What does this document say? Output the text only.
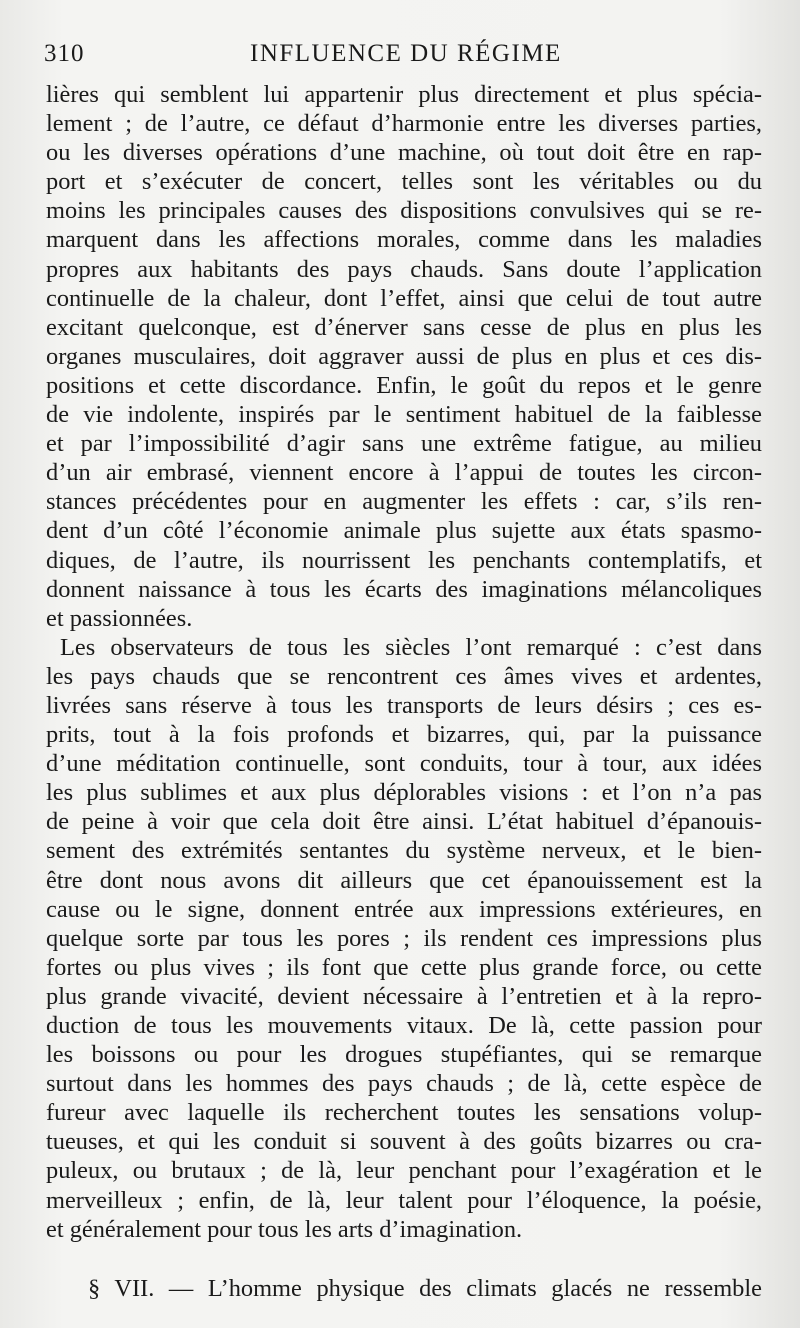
310	INFLUENCE DU RÉGIME
lières qui semblent lui appartenir plus directement et plus spécia-
lement ; de l’autre, ce défaut d’harmonie entre les diverses parties,
ou les diverses opérations d’une machine, où tout doit être en rap-
port et s’exécuter de concert, telles sont les véritables ou du
moins les principales causes des dispositions convulsives qui se re-
marquent dans les affections morales, comme dans les maladies
propres aux habitants des pays chauds. Sans doute l’application
continuelle de la chaleur, dont l’effet, ainsi que celui de tout autre
excitant quelconque, est d’énerver sans cesse de plus en plus les
organes musculaires, doit aggraver aussi de plus en plus et ces dis-
positions et cette discordance. Enfin, le goût du repos et le genre
de vie indolente, inspirés par le sentiment habituel de la faiblesse
et par l’impossibilité d’agir sans une extrême fatigue, au milieu
d’un air embrasé, viennent encore à l’appui de toutes les circon-
stances précédentes pour en augmenter les effets : car, s’ils ren-
dent d’un côté l’économie animale plus sujette aux états spasmo-
diques, de l’autre, ils nourrissent les penchants contemplatifs, et
donnent naissance à tous les écarts des imaginations mélancoliques
et passionnées.
Les observateurs de tous les siècles l’ont remarqué : c’est dans
les pays chauds que se rencontrent ces âmes vives et ardentes,
livrées sans réserve à tous les transports de leurs désirs ; ces es-
prits, tout à la fois profonds et bizarres, qui, par la puissance
d’une méditation continuelle, sont conduits, tour à tour, aux idées
les plus sublimes et aux plus déplorables visions : et l’on n’a pas
de peine à voir que cela doit être ainsi. L’état habituel d’épanouis-
sement des extrémités sentantes du système nerveux, et le bien-
être dont nous avons dit ailleurs que cet épanouissement est la
cause ou le signe, donnent entrée aux impressions extérieures, en
quelque sorte par tous les pores ; ils rendent ces impressions plus
fortes ou plus vives ; ils font que cette plus grande force, ou cette
plus grande vivacité, devient nécessaire à l’entretien et à la repro-
duction de tous les mouvements vitaux. De là, cette passion pour
les boissons ou pour les drogues stupéfiantes, qui se remarque
surtout dans les hommes des pays chauds ; de là, cette espèce de
fureur avec laquelle ils recherchent toutes les sensations volup-
tueuses, et qui les conduit si souvent à des goûts bizarres ou cra-
puleux, ou brutaux ; de là, leur penchant pour l’exagération et le
merveilleux ; enfin, de là, leur talent pour l’éloquence, la poésie,
et généralement pour tous les arts d’imagination.
§ VII. — L’homme physique des climats glacés ne ressemble
